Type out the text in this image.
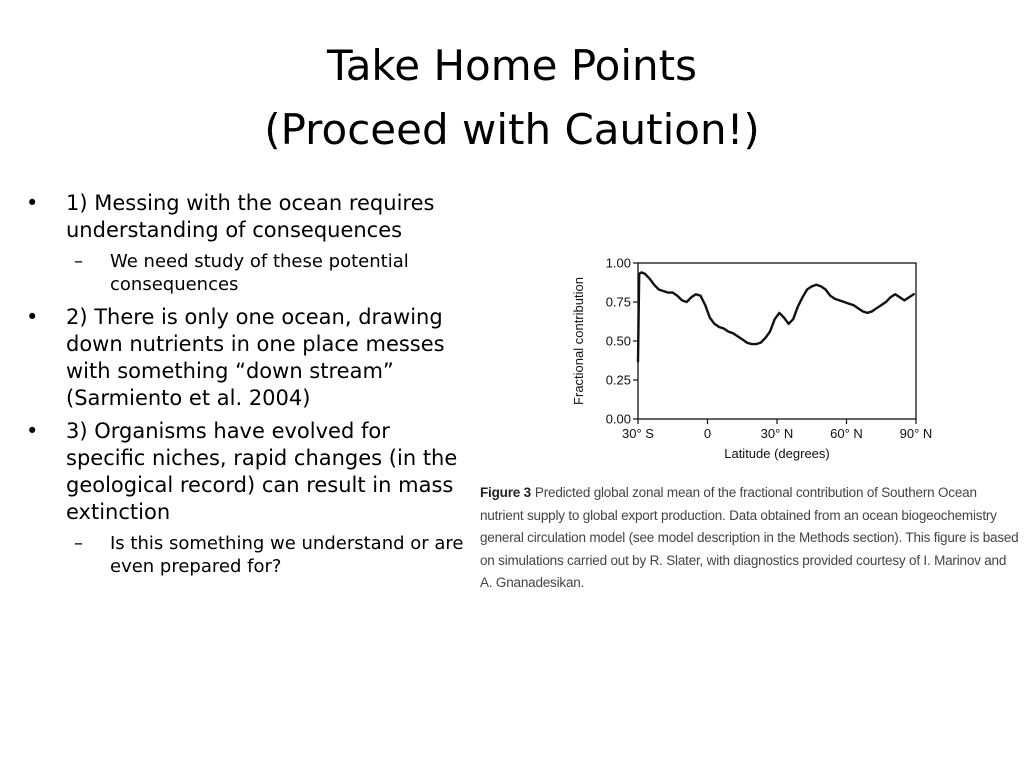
Take Home Points
(Proceed with Caution!)
• 1) Messing with the ocean requires understanding of consequences
– We need study of these potential consequences
• 2) There is only one ocean, drawing down nutrients in one place messes with something “down stream” (Sarmiento et al. 2004)
• 3) Organisms have evolved for specific niches, rapid changes (in the geological record) can result in mass extinction
– Is this something we understand or are even prepared for?
0.00
0.25
0.50
0.75
1.00
30° S	0	30° N	60° N	90° N
Latitude (degrees)
Fractional contribution
Figure 3 Predicted global zonal mean of the fractional contribution of Southern Ocean nutrient supply to global export production. Data obtained from an ocean biogeochemistry general circulation model (see model description in the Methods section). This figure is based on simulations carried out by R. Slater, with diagnostics provided courtesy of I. Marinov and A. Gnanadesikan.
